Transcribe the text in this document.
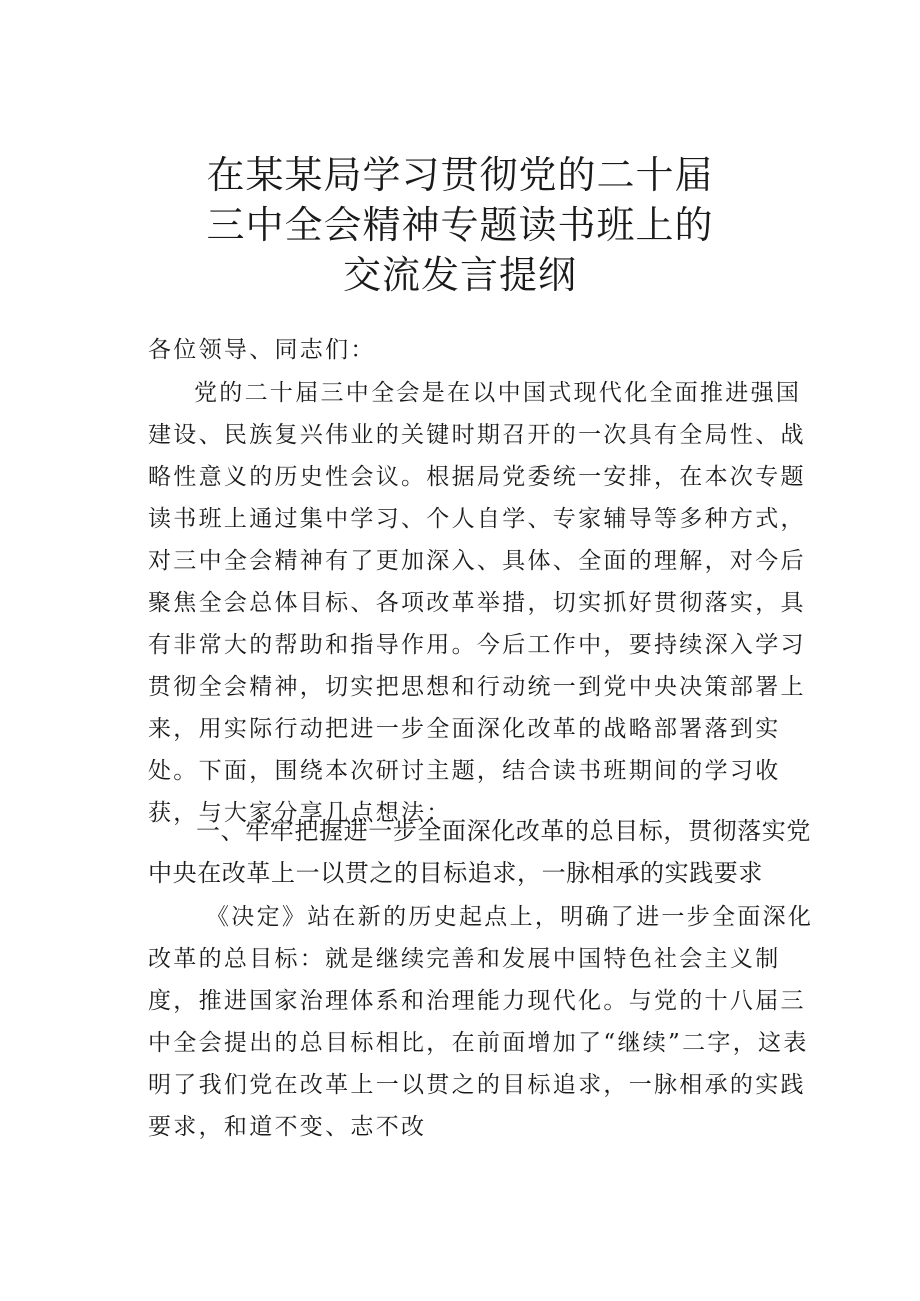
在某某局学习贯彻党的二十届
三中全会精神专题读书班上的
交流发言提纲
各位领导、同志们：
党的二十届三中全会是在以中国式现代化全面推进强国建设、民族复兴伟业的关键时期召开的一次具有全局性、战略性意义的历史性会议。根据局党委统一安排，在本次专题读书班上通过集中学习、个人自学、专家辅导等多种方式，对三中全会精神有了更加深入、具体、全面的理解，对今后聚焦全会总体目标、各项改革举措，切实抓好贯彻落实，具有非常大的帮助和指导作用。今后工作中，要持续深入学习贯彻全会精神，切实把思想和行动统一到党中央决策部署上来，用实际行动把进一步全面深化改革的战略部署落到实处。下面，围绕本次研讨主题，结合读书班期间的学习收获，与大家分享几点想法：
一、牢牢把握进一步全面深化改革的总目标，贯彻落实党中央在改革上一以贯之的目标追求，一脉相承的实践要求
《决定》站在新的历史起点上，明确了进一步全面深化改革的总目标：就是继续完善和发展中国特色社会主义制度，推进国家治理体系和治理能力现代化。与党的十八届三中全会提出的总目标相比，在前面增加了“继续”二字，这表明了我们党在改革上一以贯之的目标追求，一脉相承的实践要求，和道不变、志不改
